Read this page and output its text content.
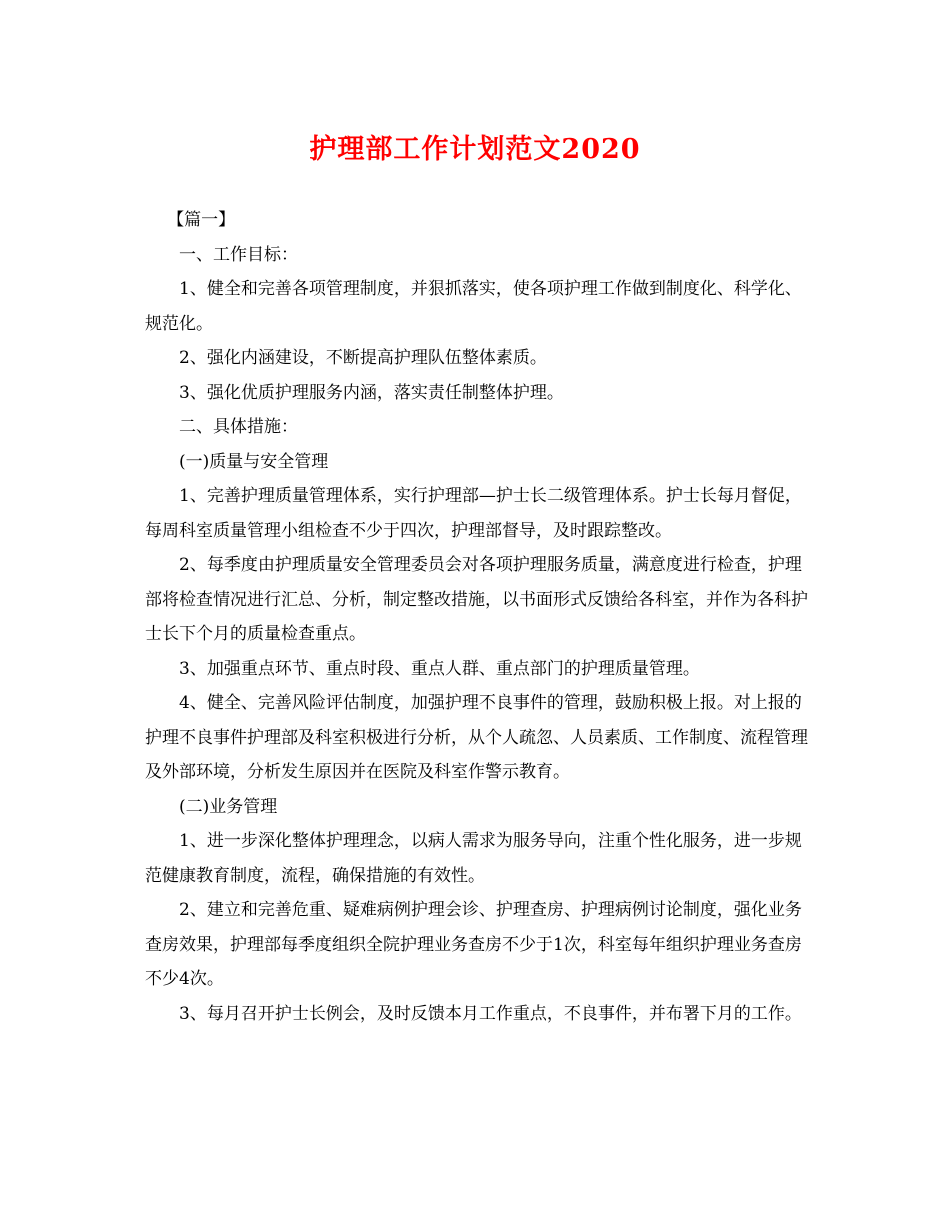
护理部工作计划范文2020

【篇一】

一、工作目标：

1、健全和完善各项管理制度，并狠抓落实，使各项护理工作做到制度化、科学化、规范化。

2、强化内涵建设，不断提高护理队伍整体素质。

3、强化优质护理服务内涵，落实责任制整体护理。

二、具体措施：

(一)质量与安全管理

1、完善护理质量管理体系，实行护理部—护士长二级管理体系。护士长每月督促，每周科室质量管理小组检查不少于四次，护理部督导，及时跟踪整改。

2、每季度由护理质量安全管理委员会对各项护理服务质量，满意度进行检查，护理部将检查情况进行汇总、分析，制定整改措施，以书面形式反馈给各科室，并作为各科护士长下个月的质量检查重点。

3、加强重点环节、重点时段、重点人群、重点部门的护理质量管理。

4、健全、完善风险评估制度，加强护理不良事件的管理，鼓励积极上报。对上报的护理不良事件护理部及科室积极进行分析，从个人疏忽、人员素质、工作制度、流程管理及外部环境，分析发生原因并在医院及科室作警示教育。

(二)业务管理

1、进一步深化整体护理理念，以病人需求为服务导向，注重个性化服务，进一步规范健康教育制度，流程，确保措施的有效性。

2、建立和完善危重、疑难病例护理会诊、护理查房、护理病例讨论制度，强化业务查房效果，护理部每季度组织全院护理业务查房不少于1次，科室每年组织护理业务查房不少4次。

3、每月召开护士长例会，及时反馈本月工作重点，不良事件，并布署下月的工作。
